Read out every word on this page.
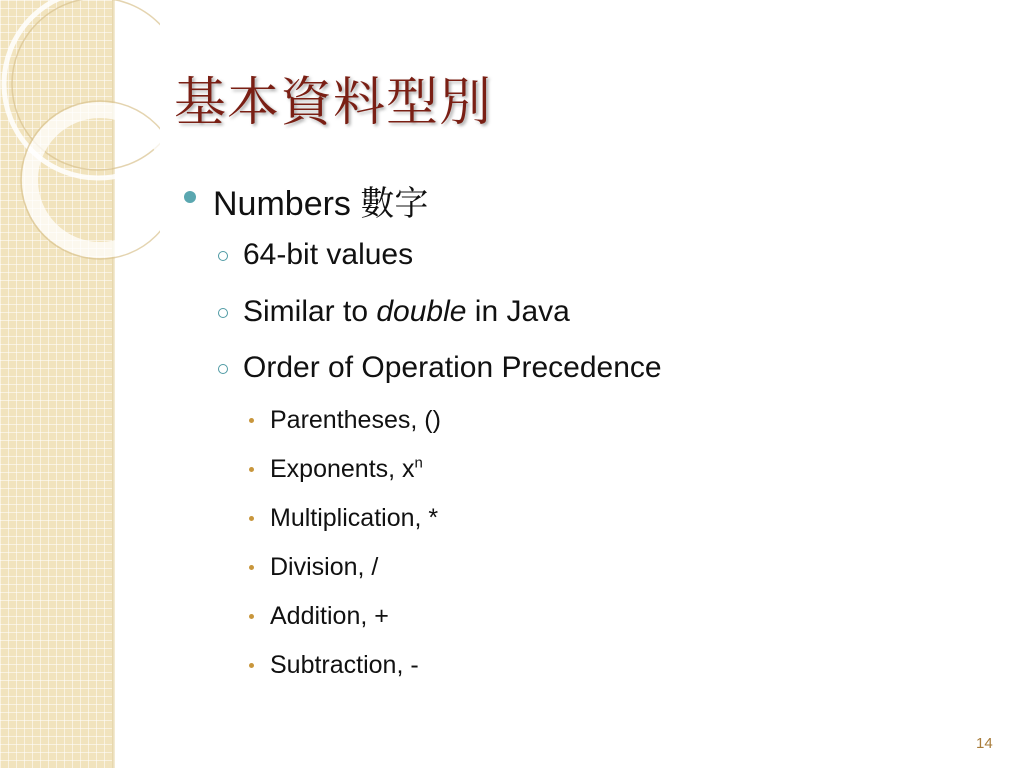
基本資料型別
Numbers 數字
64-bit values
Similar to double in Java
Order of Operation Precedence
Parentheses, ()
Exponents, $x^n$
Multiplication, *
Division, /
Addition, +
Subtraction, -
14
